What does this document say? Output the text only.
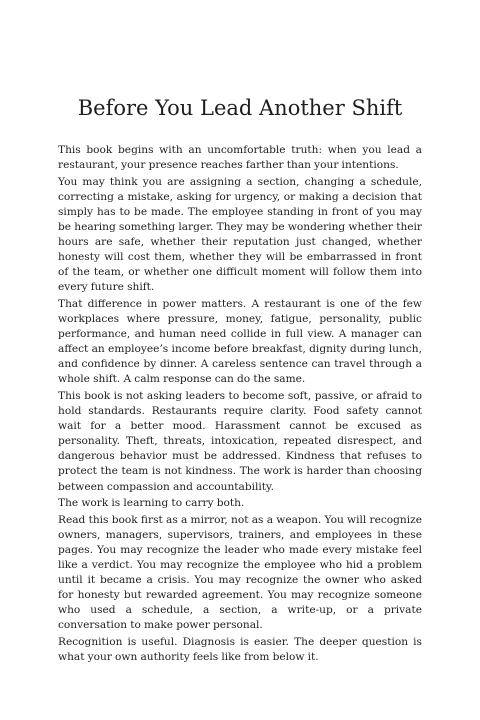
Before You Lead Another Shift

This book begins with an uncomfortable truth: when you lead a restaurant, your presence reaches farther than your intentions.

You may think you are assigning a section, changing a schedule, correcting a mistake, asking for urgency, or making a decision that simply has to be made. The employee standing in front of you may be hearing something larger. They may be wondering whether their hours are safe, whether their reputation just changed, whether honesty will cost them, whether they will be embarrassed in front of the team, or whether one difficult moment will follow them into every future shift.

That difference in power matters. A restaurant is one of the few workplaces where pressure, money, fatigue, personality, public performance, and human need collide in full view. A manager can affect an employee’s income before breakfast, dignity during lunch, and confidence by dinner. A careless sentence can travel through a whole shift. A calm response can do the same.

This book is not asking leaders to become soft, passive, or afraid to hold standards. Restaurants require clarity. Food safety cannot wait for a better mood. Harassment cannot be excused as personality. Theft, threats, intoxication, repeated disrespect, and dangerous behavior must be addressed. Kindness that refuses to protect the team is not kindness. The work is harder than choosing between compassion and accountability.

The work is learning to carry both.

Read this book first as a mirror, not as a weapon. You will recognize owners, managers, supervisors, trainers, and employees in these pages. You may recognize the leader who made every mistake feel like a verdict. You may recognize the employee who hid a problem until it became a crisis. You may recognize the owner who asked for honesty but rewarded agreement. You may recognize someone who used a schedule, a section, a write-up, or a private conversation to make power personal.

Recognition is useful. Diagnosis is easier. The deeper question is what your own authority feels like from below it.
